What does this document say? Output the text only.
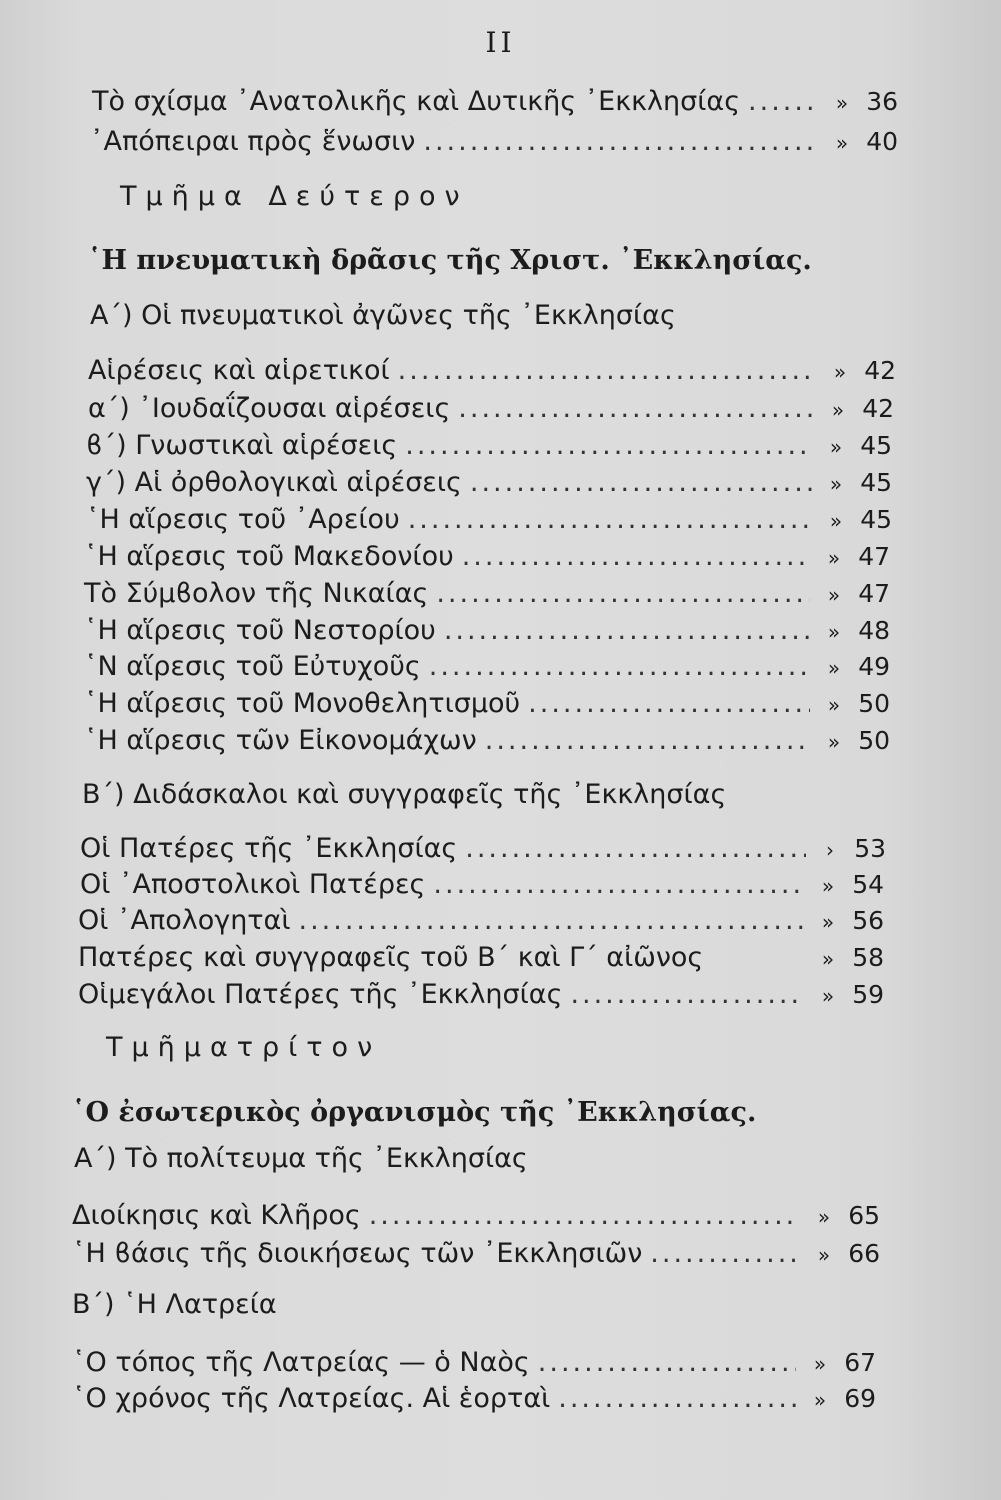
II
Τὸ σχίσμα ᾿Ανατολικῆς καὶ Δυτικῆς ᾿Εκκλησίας .....	» 36
᾿Απόπειραι πρὸς ἕνωσιν .....	» 40
Τμῆμα Δεύτερον
῾Η πνευματικὴ δρᾶσις τῆς Χριστ. ᾿Εκκλησίας.
Α΄) Οἱ πνευματικοὶ ἀγῶνες τῆς ᾿Εκκλησίας
Αἱρέσεις καὶ αἱρετικοί .....	» 42
α΄) ᾿Ιουδαΐζουσαι αἱρέσεις .....	» 42
ϐ΄) Γνωστικαὶ αἱρέσεις .....	» 45
γ΄) Αἱ ὀρθολογικαὶ αἱρέσεις .....	» 45
῾Η αἵρεσις τοῦ ᾿Αρείου .....	» 45
῾Η αἵρεσις τοῦ Μακεδονίου .....	» 47
Τὸ Σύμϐολον τῆς Νικαίας .....	» 47
῾Η αἵρεσις τοῦ Νεστορίου .....	» 48
῾Ν αἵρεσις τοῦ Εὐτυχοῦς .....	» 49
῾Η αἵρεσις τοῦ Μονοθελητισμοῦ .....	» 50
῾Η αἵρεσις τῶν Εἰκονομάχων .....	» 50
Β΄) Διδάσκαλοι καὶ συγγραφεῖς τῆς ᾿Εκκλησίας
Οἱ Πατέρες τῆς ᾿Εκκλησίας .....	› 53
Οἱ ᾿Αποστολικοὶ Πατέρες .....	» 54
Οἱ ᾿Απολογηταὶ .....	» 56
Πατέρες καὶ συγγραφεῖς τοῦ Β΄ καὶ Γ΄ αἰῶνος	» 58
Οἱμεγάλοι Πατέρες τῆς ᾿Εκκλησίας .....	» 59
Τμῆματρίτον
῾Ο ἐσωτερικὸς ὀργανισμὸς τῆς ᾿Εκκλησίας.
Α΄) Τὸ πολίτευμα τῆς ᾿Εκκλησίας
Διοίκησις καὶ Κλῆρος .....	» 65
῾Η ϐάσις τῆς διοικήσεως τῶν ᾿Εκκλησιῶν .....	» 66
Β΄) ῾Η Λατρεία
῾Ο τόπος τῆς Λατρείας — ὁ Ναὸς .....	» 67
῾Ο χρόνος τῆς Λατρείας. Αἱ ἑορταὶ .....	» 69
